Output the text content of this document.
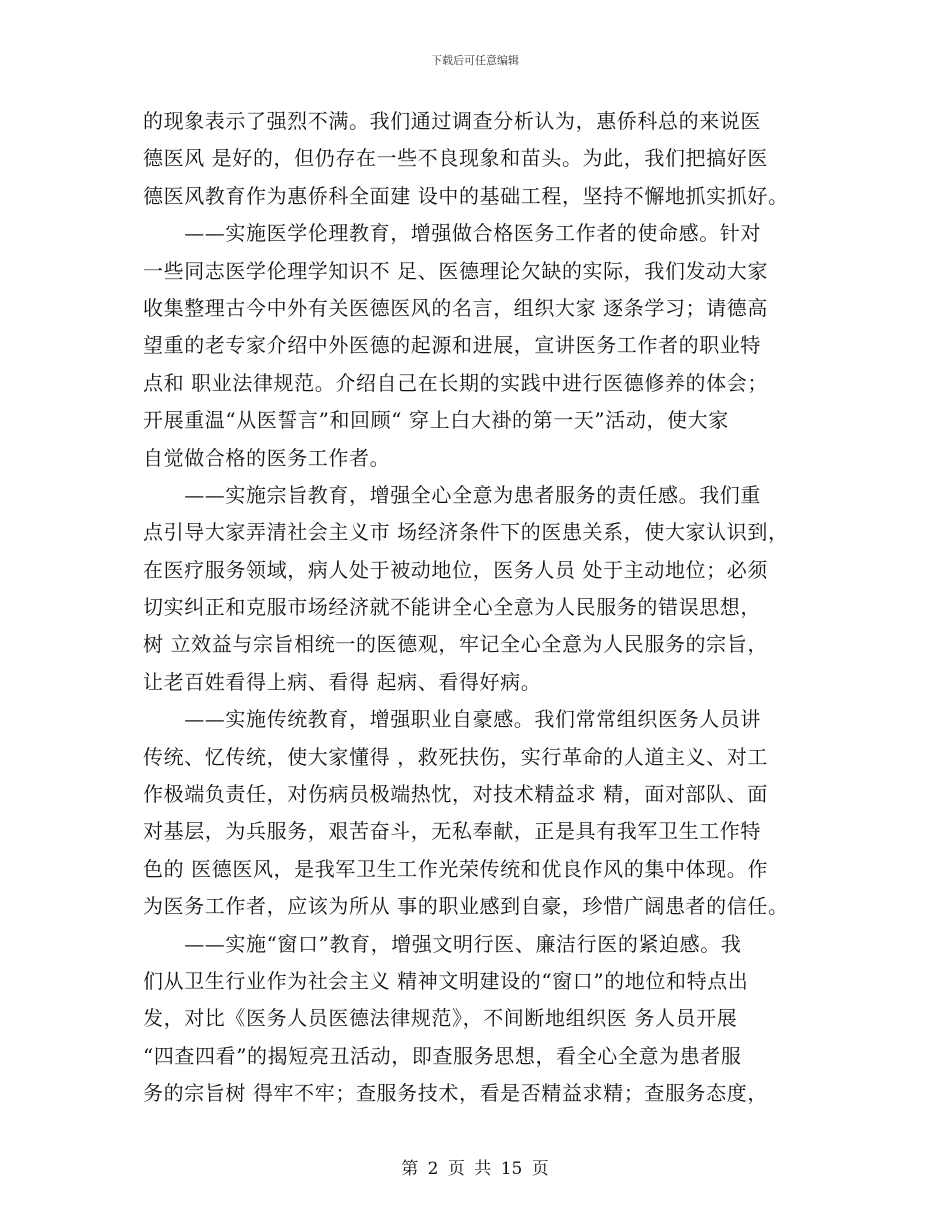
下载后可任意编辑
的现象表示了强烈不满。我们通过调查分析认为，惠侨科总的来说医
德医风 是好的，但仍存在一些不良现象和苗头。为此，我们把搞好医
德医风教育作为惠侨科全面建 设中的基础工程，坚持不懈地抓实抓好。
　　——实施医学伦理教育，增强做合格医务工作者的使命感。针对
一些同志医学伦理学知识不 足、医德理论欠缺的实际，我们发动大家
收集整理古今中外有关医德医风的名言，组织大家 逐条学习；请德高
望重的老专家介绍中外医德的起源和进展，宣讲医务工作者的职业特
点和 职业法律规范。介绍自己在长期的实践中进行医德修养的体会；
开展重温“从医誓言”和回顾“ 穿上白大褂的第一天”活动，使大家
自觉做合格的医务工作者。
　　——实施宗旨教育，增强全心全意为患者服务的责任感。我们重
点引导大家弄清社会主义市 场经济条件下的医患关系，使大家认识到，
在医疗服务领域，病人处于被动地位，医务人员 处于主动地位；必须
切实纠正和克服市场经济就不能讲全心全意为人民服务的错误思想，
树 立效益与宗旨相统一的医德观，牢记全心全意为人民服务的宗旨，
让老百姓看得上病、看得 起病、看得好病。
　　——实施传统教育，增强职业自豪感。我们常常组织医务人员讲
传统、忆传统，使大家懂得 ，救死扶伤，实行革命的人道主义、对工
作极端负责任，对伤病员极端热忱，对技术精益求 精，面对部队、面
对基层，为兵服务，艰苦奋斗，无私奉献，正是具有我军卫生工作特
色的 医德医风，是我军卫生工作光荣传统和优良作风的集中体现。作
为医务工作者，应该为所从 事的职业感到自豪，珍惜广阔患者的信任。
　　——实施“窗口”教育，增强文明行医、廉洁行医的紧迫感。我
们从卫生行业作为社会主义 精神文明建设的“窗口”的地位和特点出
发，对比《医务人员医德法律规范》，不间断地组织医 务人员开展
“四查四看”的揭短亮丑活动，即查服务思想，看全心全意为患者服
务的宗旨树 得牢不牢；查服务技术，看是否精益求精；查服务态度，
第 2 页 共 15 页
